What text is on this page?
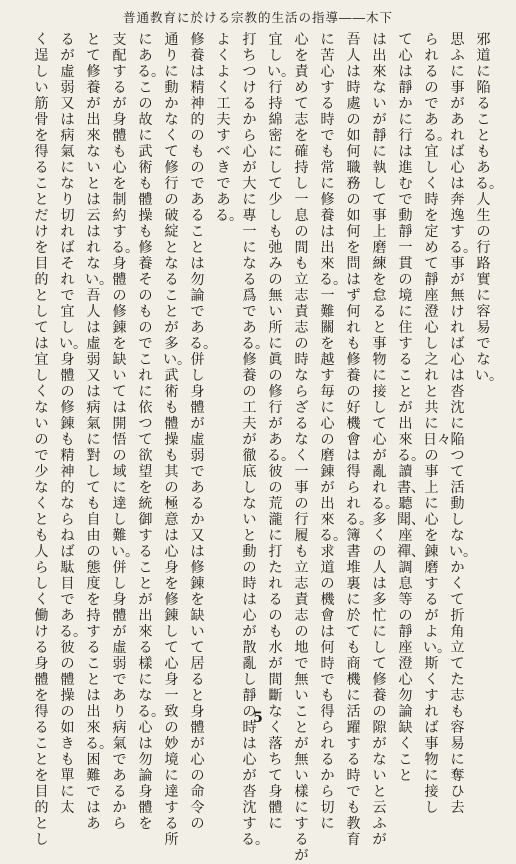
普通教育に於ける宗教的生活の指導――木下
邪道に陥ることもある。人生の行路實に容易でない。
思ふに事があれば心は奔逸する。事が無ければ心は沓沈に陥つて活動しない。かくて折角立てた志も容易に奪ひ去
られるのである。宜しく時を定めて靜座澄心し之れと共に日々の事上に心を錬磨するがよい。斯くすれば事物に接し
て心は靜かに行は進むで動靜一貫の境に住することが出來る。讀書、聽聞、座禪、調息等の靜座澄心勿論缺くこと
は出來ないが靜に執して事上磨練を怠ると事物に接して心が亂れる。多くの人は多忙にして修養の隙がないと云ふが
吾人は時處の如何職務の如何を問はず何れも修養の好機會は得られる。簿書堆裏に於ても商機に活躍する時でも教育
に苦心する時でも常に修養は出來る。一難關を越す毎に心の磨錬が出來る。求道の機會は何時でも得られるから切に
心を責めて志を確持し一息の間も立志責志の時ならざるなく一事の行履も立志責志の地で無いことが無い樣にするが
宜しい。行持綿密にして少しも弛みの無い所に眞の修行がある。彼の荒瀧に打たれるのも水が間斷なく落ちて身體に
打ちつけるから心が大に專一になる爲である。修養の工夫が徹底しないと動の時は心が散亂し靜の時は心が沓沈する。
よくよく工夫すべきである。
修養は精神的のものであることは勿論である。併し身體が虛弱であるか又は修錬を缺いて居ると身體が心の命令の
通りに動かなくて修行の破綻となることが多い。武術も體操も其の極意は心身を修錬して心身一致の妙境に達する所
にある。この故に武術も體操も修養そのものでこれに依つて欲望を統御することが出來る樣になる。心は勿論身體を
支配するが身體も心を制約する。身體の修錬を缺いては開悟の域に達し難い。併し身體が虛弱であり病氣であるから
とて修養が出來ないとは云はれない。吾人は虛弱又は病氣に對しても自由の態度を持することは出來る。困難ではあ
るが虛弱又は病氣になり切ればそれで宜しい。身體の修錬も精神的ならねば駄目である。彼の體操の如きも單に太
く逞しい筋骨を得ることだけを目的としては宜しくないので少なくとも人らしく働ける身體を得ることを目的とし
5
